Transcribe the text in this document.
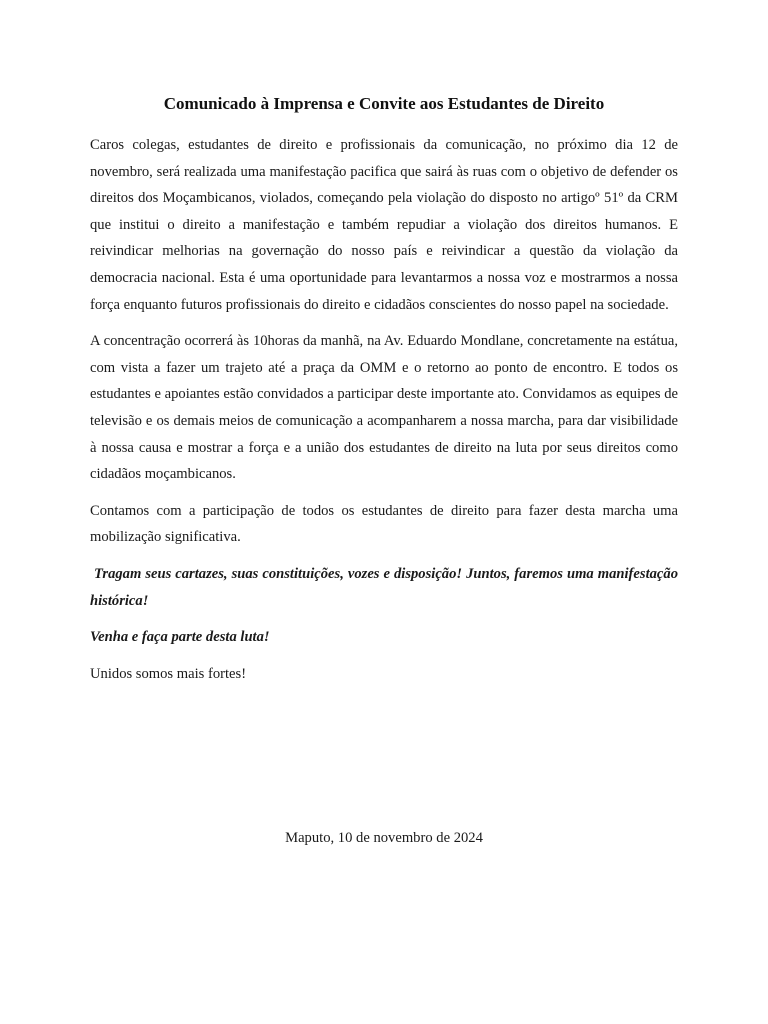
Comunicado à Imprensa e Convite aos Estudantes de Direito

Caros colegas, estudantes de direito e profissionais da comunicação, no próximo dia 12 de novembro, será realizada uma manifestação pacifica que sairá às ruas com o objetivo de defender os direitos dos Moçambicanos, violados, começando pela violação do disposto no artigoº 51º da CRM que institui o direito a manifestação e também repudiar a violação dos direitos humanos. E reivindicar melhorias na governação do nosso país e reivindicar a questão da violação da democracia nacional. Esta é uma oportunidade para levantarmos a nossa voz e mostrarmos a nossa força enquanto futuros profissionais do direito e cidadãos conscientes do nosso papel na sociedade.

A concentração ocorrerá às 10horas da manhã, na Av. Eduardo Mondlane, concretamente na estátua, com vista a fazer um trajeto até a praça da OMM e o retorno ao ponto de encontro. E todos os estudantes e apoiantes estão convidados a participar deste importante ato. Convidamos as equipes de televisão e os demais meios de comunicação a acompanharem a nossa marcha, para dar visibilidade à nossa causa e mostrar a força e a união dos estudantes de direito na luta por seus direitos como cidadãos moçambicanos.

Contamos com a participação de todos os estudantes de direito para fazer desta marcha uma mobilização significativa.

Tragam seus cartazes, suas constituições, vozes e disposição! Juntos, faremos uma manifestação histórica!

Venha e faça parte desta luta!

Unidos somos mais fortes!

Maputo, 10 de novembro de 2024
